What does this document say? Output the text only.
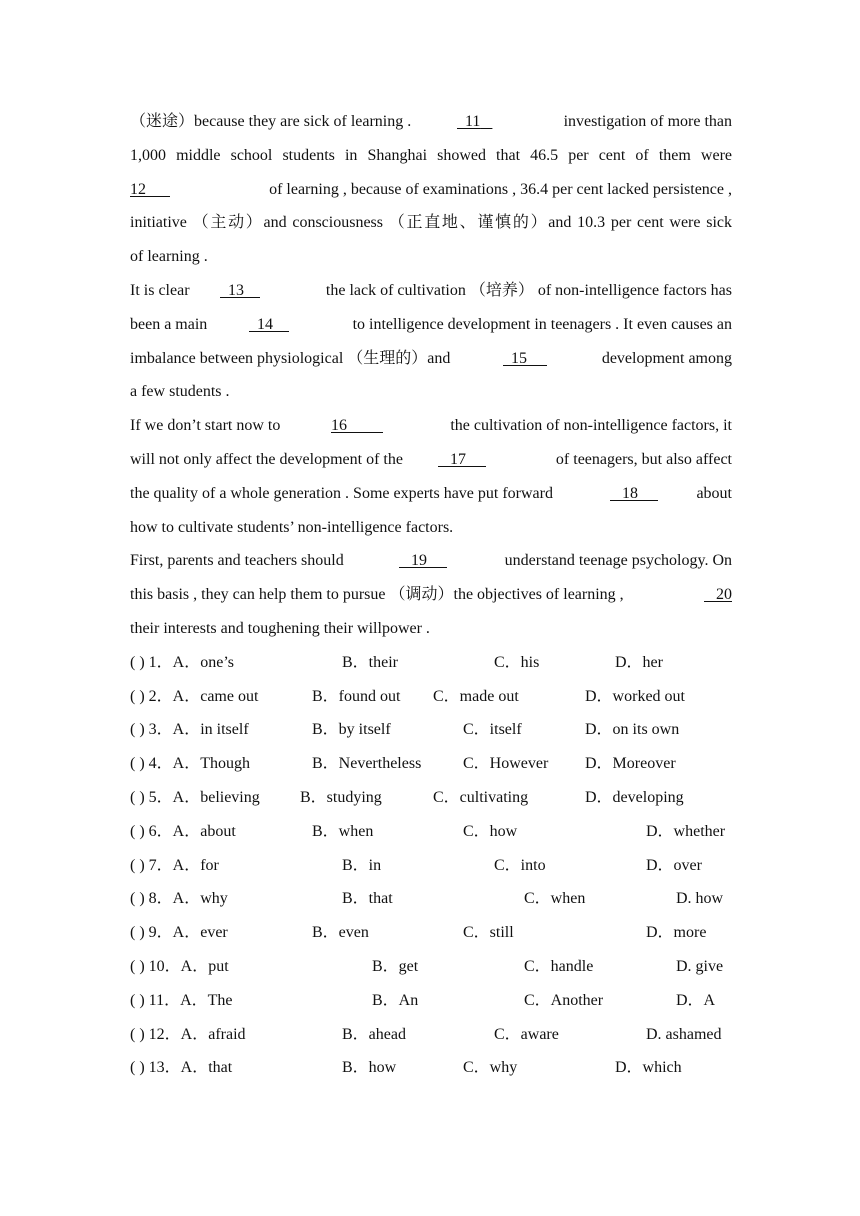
（迷途）because they are sick of learning .	11	investigation of more than
1,000 middle school students in Shanghai showed that 46.5 per cent of them were
12	of learning , because of examinations , 36.4 per cent lacked persistence ,
initiative （主动）and consciousness （正直地、谨慎的）and 10.3 per cent were sick
of learning .
It is clear	13	the lack of cultivation （培养） of non-intelligence factors has
been a main	14	to intelligence development in teenagers . It even causes an
imbalance between physiological （生理的）and	15	development among
a few students .
If we don’t start now to	16	the cultivation of non-intelligence factors, it
will not only affect the development of the	17	of teenagers, but also affect
the quality of a whole generation . Some experts have put forward	18	about
how to cultivate students’ non-intelligence factors.
First, parents and teachers should	19	understand teenage psychology. On
this basis , they can help them to pursue （调动）the objectives of learning ,	20
their interests and toughening their willpower .
( ) 1．A．one’s	B．their	C．his	D．her
( ) 2．A．came out	B．found out C．made out	D．worked out
( ) 3．A．in itself	B．by itself	C．itself	D．on its own
( ) 4．A．Though	B．Nevertheless	C．However D．Moreover
( ) 5．A．believing	B．studying	C．cultivating	D．developing
( ) 6．A．about	B．when	C．how	D．whether
( ) 7．A．for	B．in	C．into	D．over
( ) 8．A．why	B．that	C．when	D. how
( ) 9．A．ever	B．even	C．still	D．more
( ) 10．A．put	B．get	C．handle	D. give
( ) 11．A．The	B．An	C．Another	D．A
( ) 12．A．afraid	B．ahead	C．aware	D. ashamed
( ) 13．A．that	B．how	C．why	D．which
